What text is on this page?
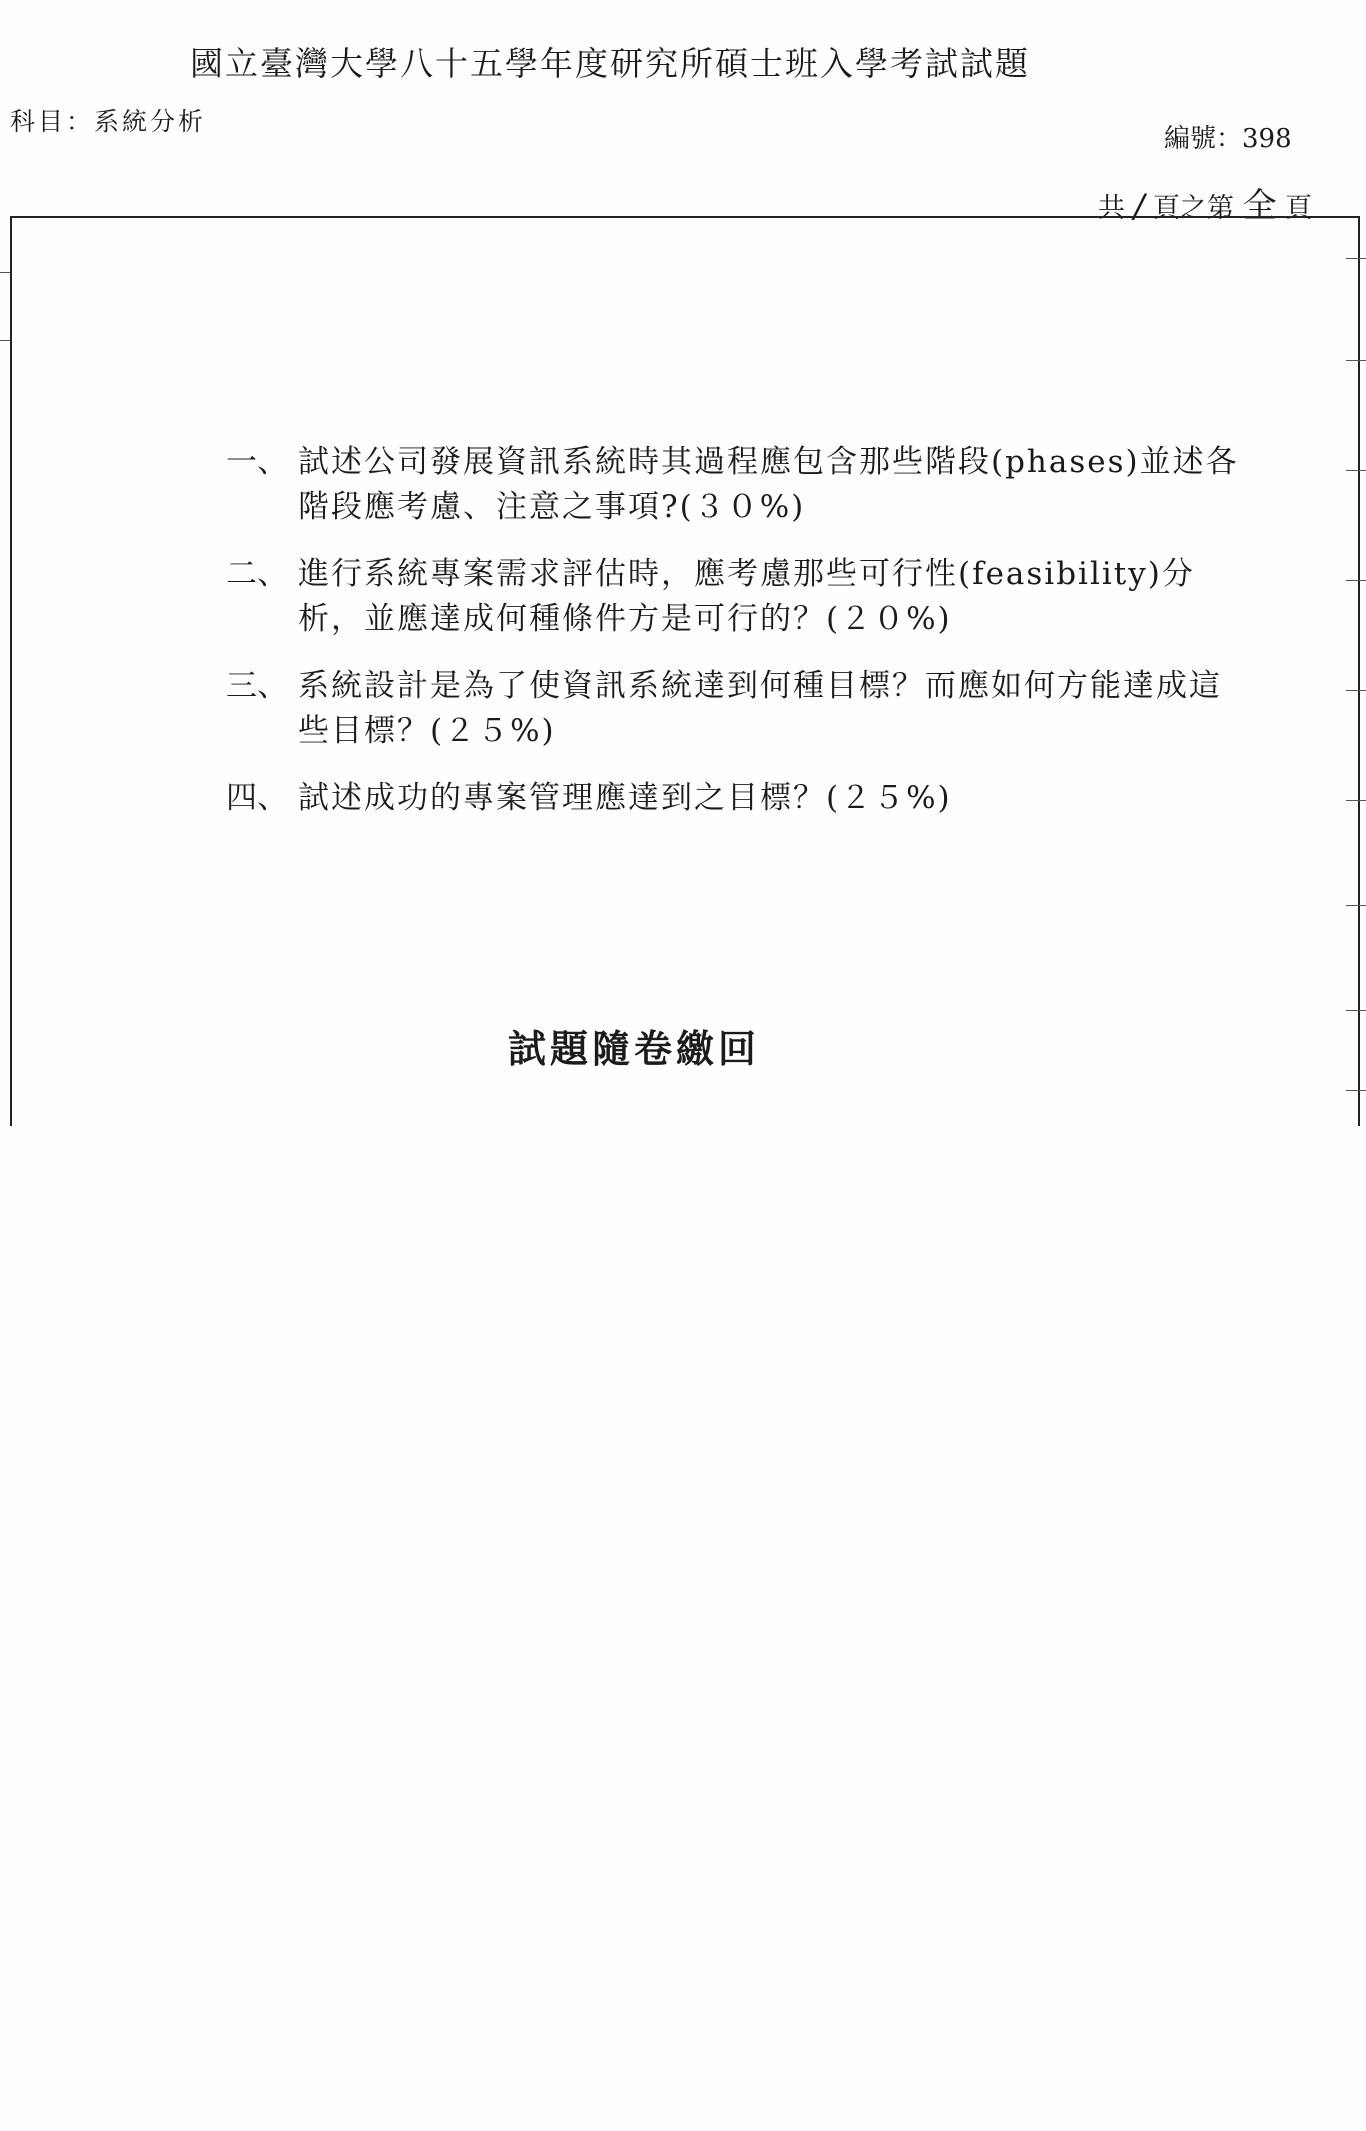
國立臺灣大學八十五學年度研究所碩士班入學考試試題
科目：系統分析
編號：398
共 / 頁之第 全 頁
一、 試述公司發展資訊系統時其過程應包含那些階段(phases)並述各階段應考慮、注意之事項?(３０%)
二、 進行系統專案需求評估時，應考慮那些可行性(feasibility)分析，並應達成何種條件方是可行的？(２０%)
三、 系統設計是為了使資訊系統達到何種目標？而應如何方能達成這些目標？(２５%)
四、 試述成功的專案管理應達到之目標？(２５%)
試題隨卷繳回
